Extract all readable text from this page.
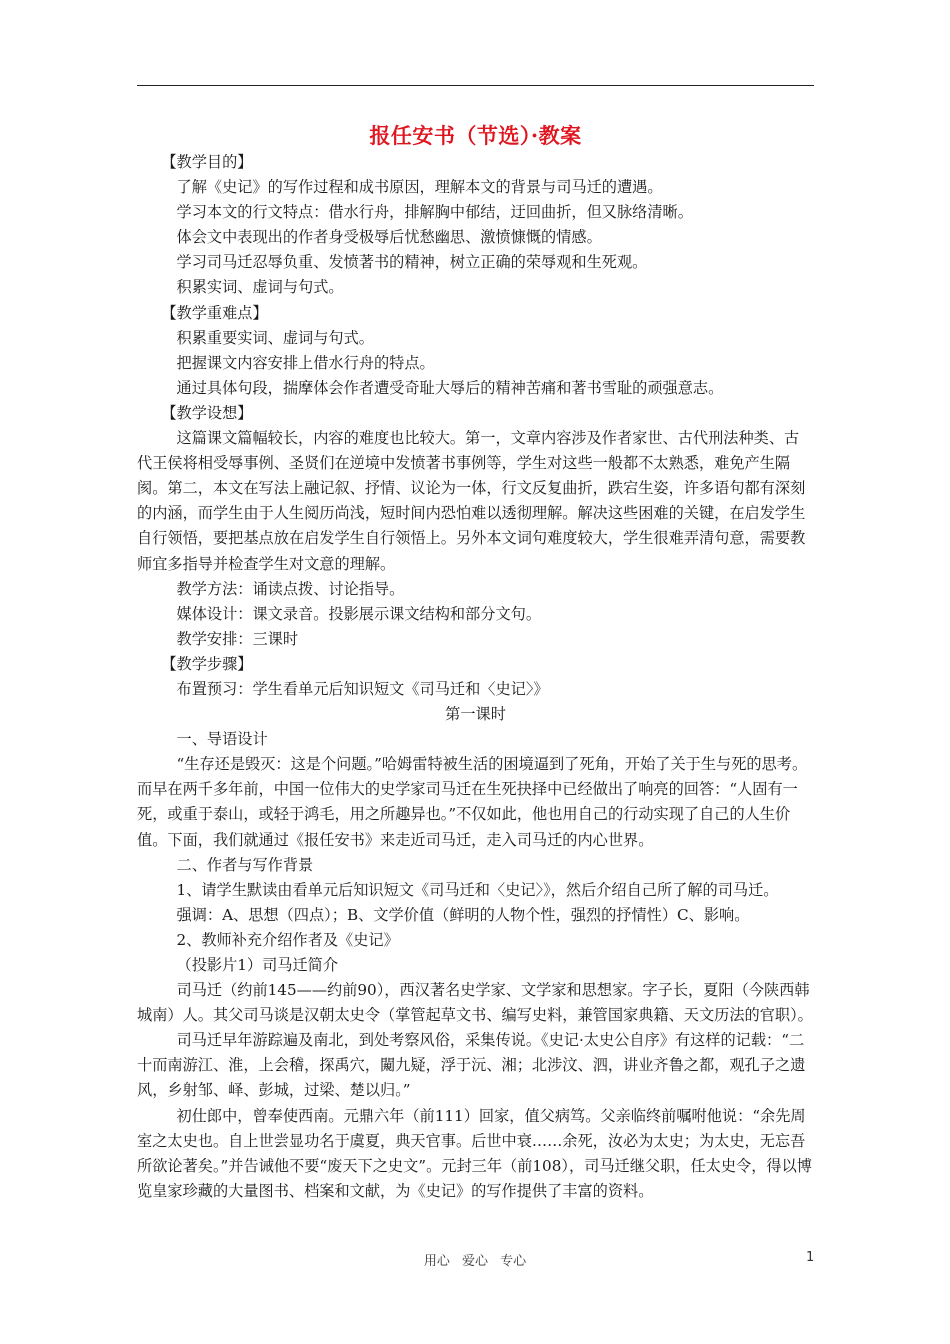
报任安书（节选）·教案

【教学目的】

了解《史记》的写作过程和成书原因，理解本文的背景与司马迁的遭遇。

学习本文的行文特点：借水行舟，排解胸中郁结，迂回曲折，但又脉络清晰。

体会文中表现出的作者身受极辱后忧愁幽思、激愤慷慨的情感。

学习司马迁忍辱负重、发愤著书的精神，树立正确的荣辱观和生死观。

积累实词、虚词与句式。

【教学重难点】

积累重要实词、虚词与句式。

把握课文内容安排上借水行舟的特点。

通过具体句段，揣摩体会作者遭受奇耻大辱后的精神苦痛和著书雪耻的顽强意志。

【教学设想】

这篇课文篇幅较长，内容的难度也比较大。第一，文章内容涉及作者家世、古代刑法种类、古代王侯将相受辱事例、圣贤们在逆境中发愤著书事例等，学生对这些一般都不太熟悉，难免产生隔阂。第二，本文在写法上融记叙、抒情、议论为一体，行文反复曲折，跌宕生姿，许多语句都有深刻的内涵，而学生由于人生阅历尚浅，短时间内恐怕难以透彻理解。解决这些困难的关键，在启发学生自行领悟，要把基点放在启发学生自行领悟上。另外本文词句难度较大，学生很难弄清句意，需要教师宜多指导并检查学生对文意的理解。

教学方法：诵读点拨、讨论指导。

媒体设计：课文录音。投影展示课文结构和部分文句。

教学安排：三课时

【教学步骤】

布置预习：学生看单元后知识短文《司马迁和〈史记〉》

第一课时

一、导语设计

“生存还是毁灭：这是个问题。”哈姆雷特被生活的困境逼到了死角，开始了关于生与死的思考。而早在两千多年前，中国一位伟大的史学家司马迁在生死抉择中已经做出了响亮的回答：“人固有一死，或重于泰山，或轻于鸿毛，用之所趣异也。”不仅如此，他也用自己的行动实现了自己的人生价值。下面，我们就通过《报任安书》来走近司马迁，走入司马迁的内心世界。

二、作者与写作背景

1、请学生默读由看单元后知识短文《司马迁和〈史记〉》，然后介绍自己所了解的司马迁。

强调：A、思想（四点）；B、文学价值（鲜明的人物个性，强烈的抒情性）C、影响。

2、教师补充介绍作者及《史记》

（投影片1）司马迁简介

司马迁（约前145——约前90），西汉著名史学家、文学家和思想家。字子长，夏阳（今陕西韩城南）人。其父司马谈是汉朝太史令（掌管起草文书、编写史料，兼管国家典籍、天文历法的官职）。

司马迁早年游踪遍及南北，到处考察风俗，采集传说。《史记·太史公自序》有这样的记载：“二十而南游江、淮，上会稽，探禹穴，闚九疑，浮于沅、湘；北涉汶、泗，讲业齐鲁之都，观孔子之遗风，乡射邹、峄、彭城，过梁、楚以归。”

初仕郎中，曾奉使西南。元鼎六年（前111）回家，值父病笃。父亲临终前嘱咐他说：“余先周室之太史也。自上世尝显功名于虞夏，典天官事。后世中衰……余死，汝必为太史；为太史，无忘吾所欲论著矣。”并告诫他不要“废天下之史文”。元封三年（前108），司马迁继父职，任太史令，得以博览皇家珍藏的大量图书、档案和文献，为《史记》的写作提供了丰富的资料。

用心 爱心 专心	1
